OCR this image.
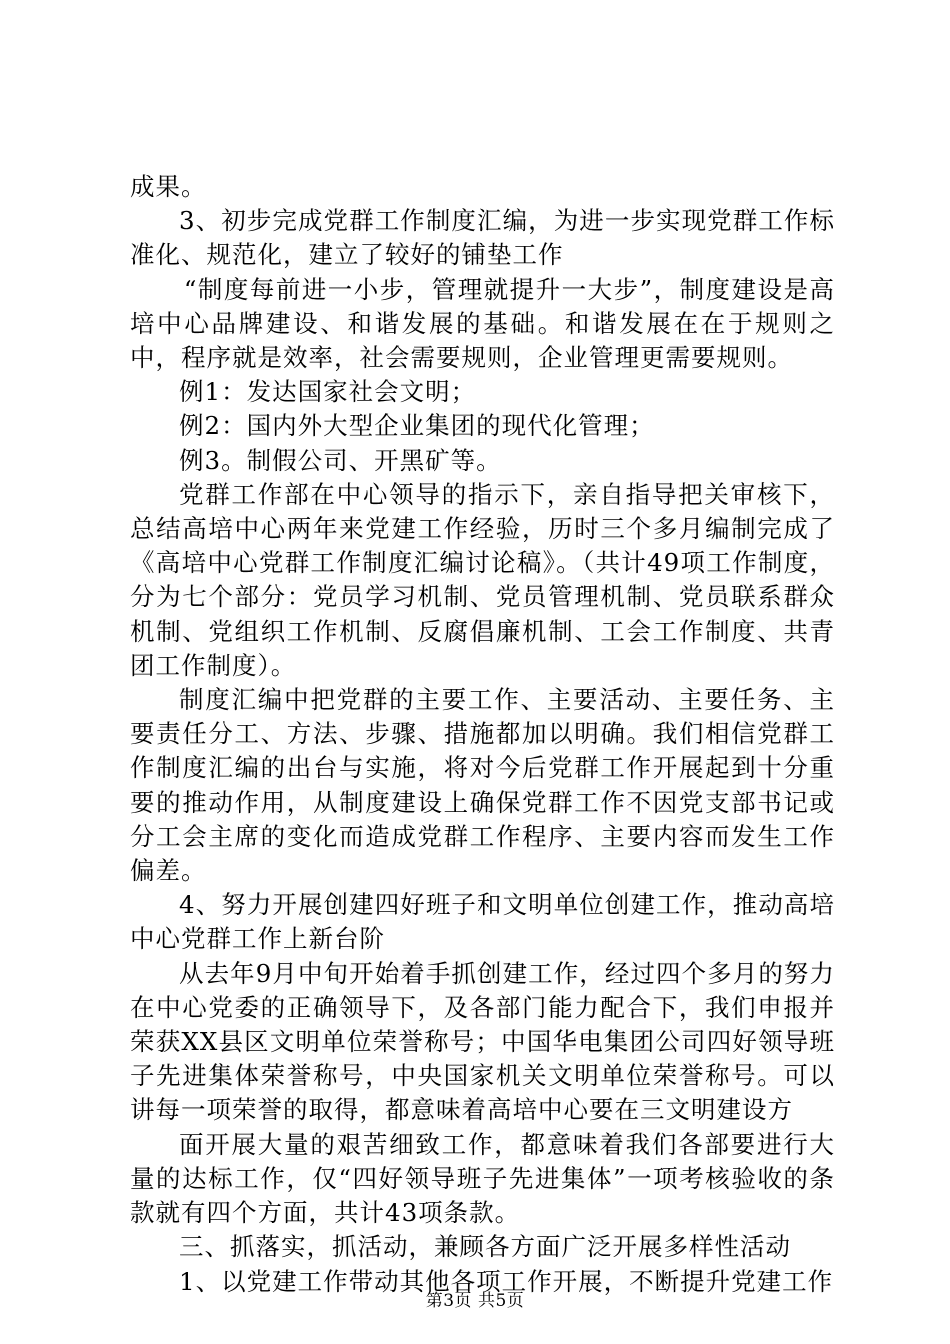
成果。

3、初步完成党群工作制度汇编，为进一步实现党群工作标准化、规范化，建立了较好的铺垫工作

“制度每前进一小步，管理就提升一大步”，制度建设是高培中心品牌建设、和谐发展的基础。和谐发展在在于规则之中，程序就是效率，社会需要规则，企业管理更需要规则。

例1：发达国家社会文明；

例2：国内外大型企业集团的现代化管理；

例3。制假公司、开黑矿等。

党群工作部在中心领导的指示下，亲自指导把关审核下，总结高培中心两年来党建工作经验，历时三个多月编制完成了《高培中心党群工作制度汇编讨论稿》。（共计49项工作制度，分为七个部分：党员学习机制、党员管理机制、党员联系群众机制、党组织工作机制、反腐倡廉机制、工会工作制度、共青团工作制度）。

制度汇编中把党群的主要工作、主要活动、主要任务、主要责任分工、方法、步骤、措施都加以明确。我们相信党群工作制度汇编的出台与实施，将对今后党群工作开展起到十分重要的推动作用，从制度建设上确保党群工作不因党支部书记或分工会主席的变化而造成党群工作程序、主要内容而发生工作偏差。

4、努力开展创建四好班子和文明单位创建工作，推动高培中心党群工作上新台阶

从去年9月中旬开始着手抓创建工作，经过四个多月的努力在中心党委的正确领导下，及各部门能力配合下，我们申报并荣获XX县区文明单位荣誉称号；中国华电集团公司四好领导班子先进集体荣誉称号，中央国家机关文明单位荣誉称号。可以讲每一项荣誉的取得，都意味着高培中心要在三文明建设方

面开展大量的艰苦细致工作，都意味着我们各部要进行大量的达标工作，仅“四好领导班子先进集体”一项考核验收的条款就有四个方面，共计43项条款。

三、抓落实，抓活动，兼顾各方面广泛开展多样性活动

1、以党建工作带动其他各项工作开展，不断提升党建工作

第3页 共5页
